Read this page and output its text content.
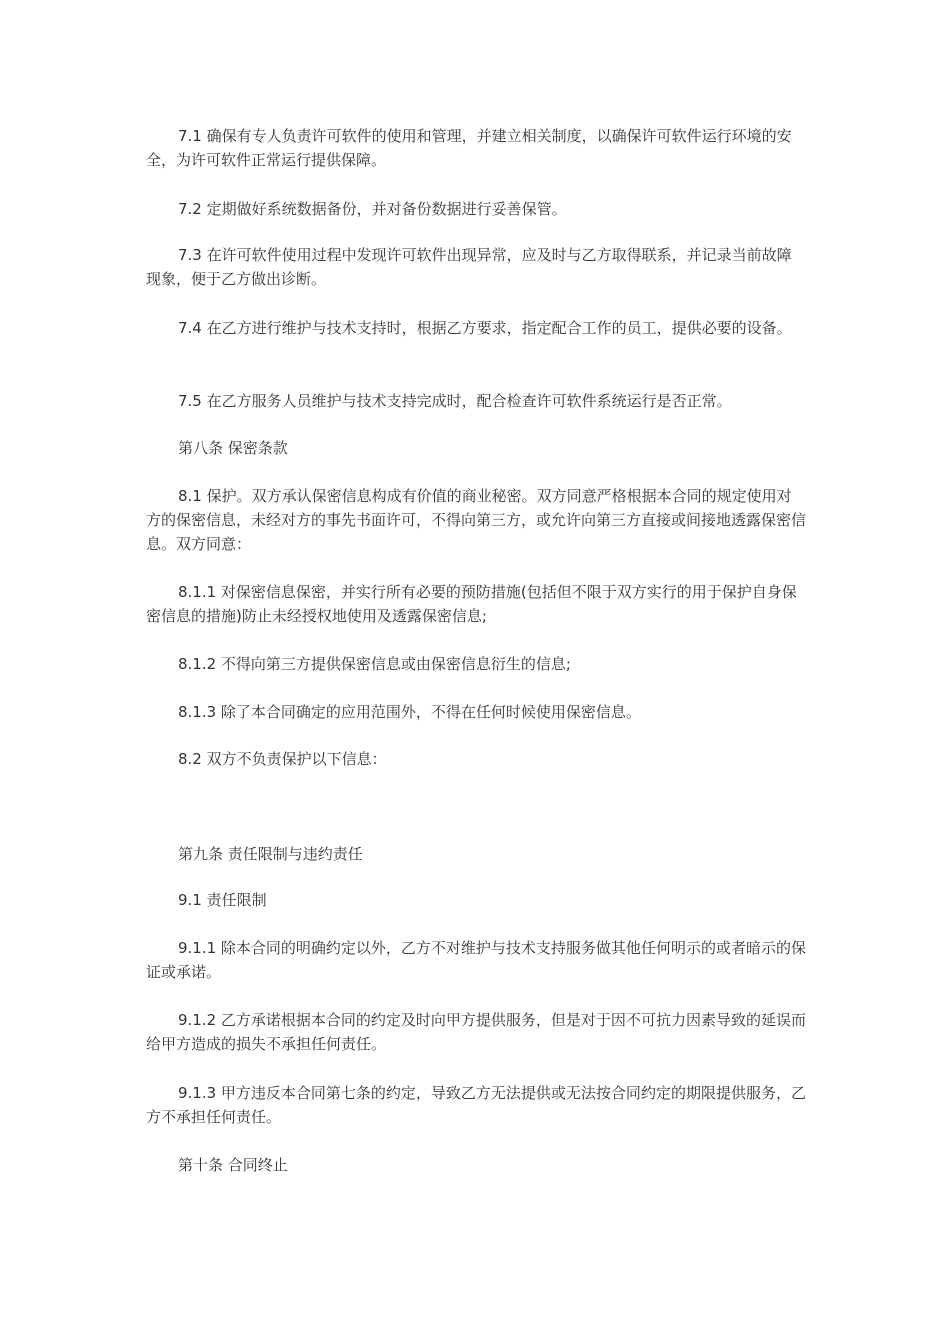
7.1 确保有专人负责许可软件的使用和管理，并建立相关制度，以确保许可软件运行环境的安全，为许可软件正常运行提供保障。

7.2 定期做好系统数据备份，并对备份数据进行妥善保管。

7.3 在许可软件使用过程中发现许可软件出现异常，应及时与乙方取得联系，并记录当前故障现象，便于乙方做出诊断。

7.4 在乙方进行维护与技术支持时，根据乙方要求，指定配合工作的员工，提供必要的设备。

7.5 在乙方服务人员维护与技术支持完成时，配合检查许可软件系统运行是否正常。

第八条 保密条款

8.1 保护。双方承认保密信息构成有价值的商业秘密。双方同意严格根据本合同的规定使用对方的保密信息，未经对方的事先书面许可，不得向第三方，或允许向第三方直接或间接地透露保密信息。双方同意：

8.1.1 对保密信息保密，并实行所有必要的预防措施(包括但不限于双方实行的用于保护自身保密信息的措施)防止未经授权地使用及透露保密信息;

8.1.2 不得向第三方提供保密信息或由保密信息衍生的信息;

8.1.3 除了本合同确定的应用范围外，不得在任何时候使用保密信息。

8.2 双方不负责保护以下信息：

第九条 责任限制与违约责任

9.1 责任限制

9.1.1 除本合同的明确约定以外，乙方不对维护与技术支持服务做其他任何明示的或者暗示的保证或承诺。

9.1.2 乙方承诺根据本合同的约定及时向甲方提供服务，但是对于因不可抗力因素导致的延误而给甲方造成的损失不承担任何责任。

9.1.3 甲方违反本合同第七条的约定，导致乙方无法提供或无法按合同约定的期限提供服务，乙方不承担任何责任。

第十条 合同终止
